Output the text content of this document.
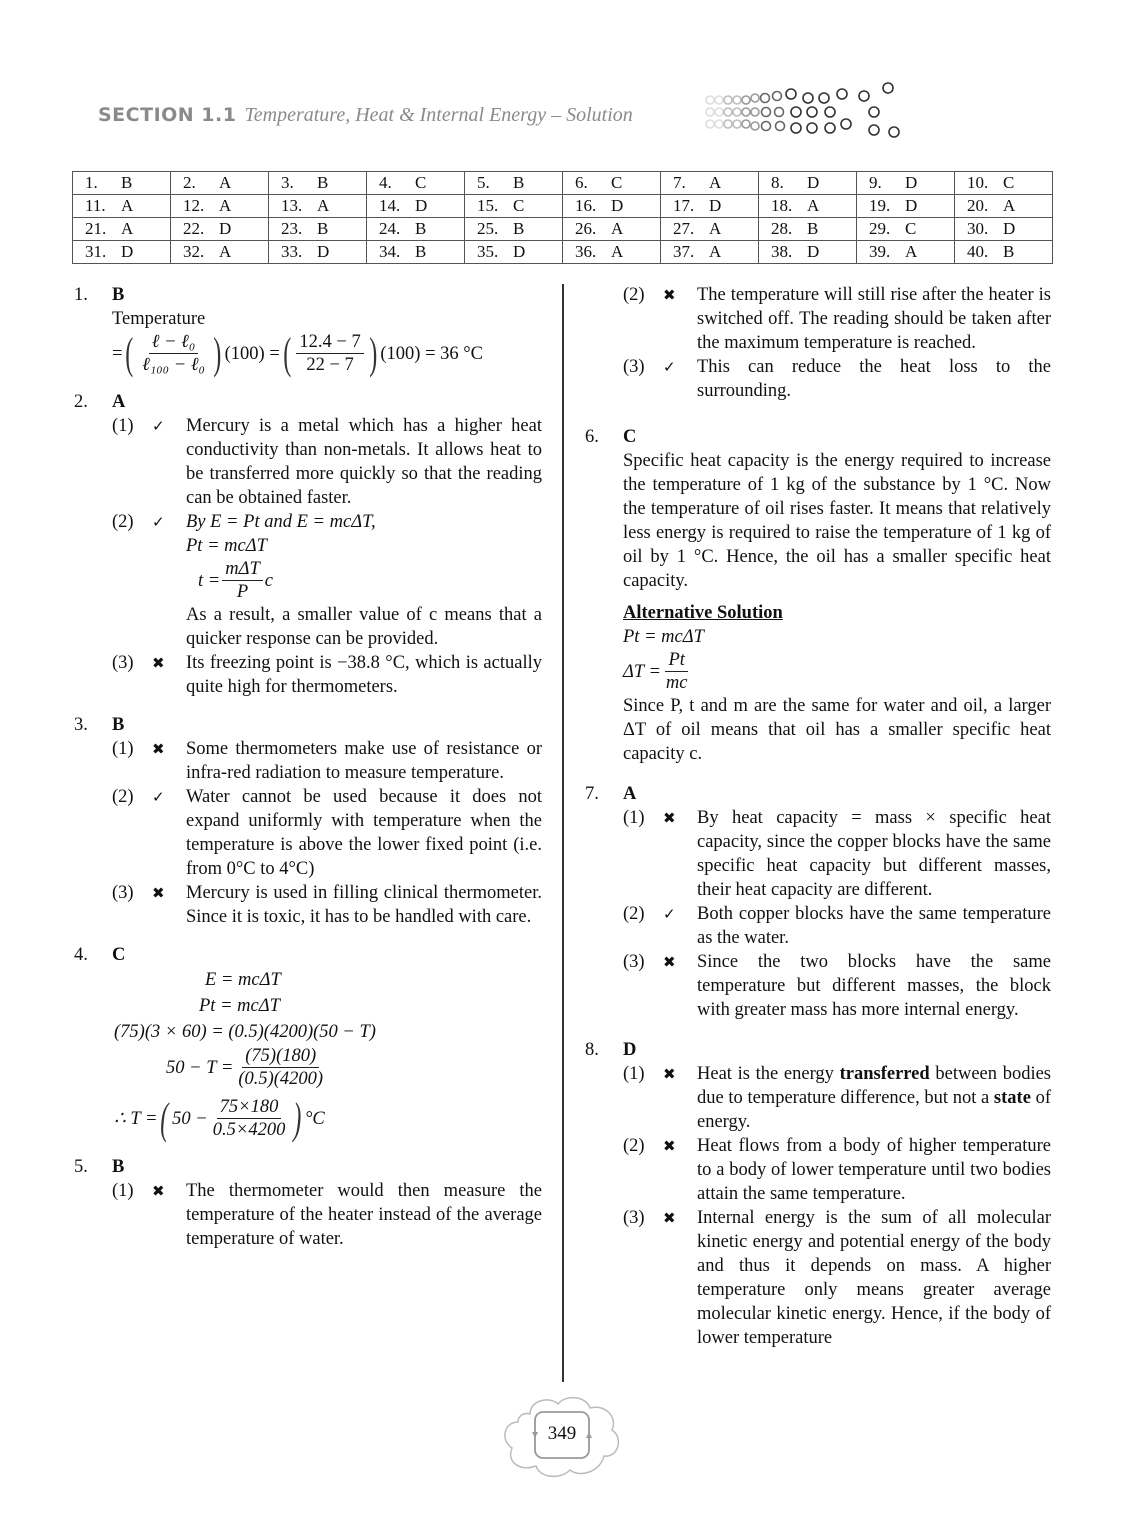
SECTION 1.1 Temperature, Heat & Internal Energy – Solution
1. B	2. A	3. B	4. C	5. B	6. C	7. A	8. D	9. D	10. C
11. A	12. A	13. A	14. D	15. C	16. D	17. D	18. A	19. D	20. A
21. A	22. D	23. B	24. B	25. B	26. A	27. A	28. B	29. C	30. D
31. D	32. A	33. D	34. B	35. D	36. A	37. A	38. D	39. A	40. B
1.	B
Temperature
= ( $\frac{\text{ℓ − ℓ₀}}{\text{ℓ₁₀₀ − ℓ₀}}$ ) (100) = ( $\frac{12.4 - 7}{22 - 7}$ ) (100) = 36 °C
2.	A
(1)	✓	Mercury is a metal which has a higher heat conductivity than non-metals. It allows heat to be transferred more quickly so that the reading can be obtained faster.
(2)	✓	By E = Pt and E = mcΔT,
Pt = mcΔT
$t = \frac{\text{mΔT}}{P}$ c
As a result, a smaller value of c means that a quicker response can be provided.
(3)	✖	Its freezing point is −38.8 °C, which is actually quite high for thermometers.
3.	B
(1)	✖	Some thermometers make use of resistance or infra-red radiation to measure temperature.
(2)	✓	Water cannot be used because it does not expand uniformly with temperature when the temperature is above the lower fixed point (i.e. from 0°C to 4°C)
(3)	✖	Mercury is used in filling clinical thermometer. Since it is toxic, it has to be handled with care.
4.	C
E = mcΔT
Pt = mcΔT
(75)(3 × 60) = (0.5)(4200)(50 − T)
$50 - T = \frac{(75)(180)}{(0.5)(4200)}$
∴ T = ( $50 - \frac{75\times 180}{0.5\times 4200}$ ) °C
5.	B
(1)	✖	The thermometer would then measure the temperature of the heater instead of the average temperature of water.
(2)	✖	The temperature will still rise after the heater is switched off. The reading should be taken after the maximum temperature is reached.
(3)	✓	This can reduce the heat loss to the surrounding.
6.	C
Specific heat capacity is the energy required to increase the temperature of 1 kg of the substance by 1 °C. Now the temperature of oil rises faster. It means that relatively less energy is required to raise the temperature of 1 kg of oil by 1 °C. Hence, the oil has a smaller specific heat capacity.
Alternative Solution
Pt = mcΔT
$\Delta T = \frac{Pt}{mc}$
Since P, t and m are the same for water and oil, a larger ΔT of oil means that oil has a smaller specific heat capacity c.
7.	A
(1)	✖	By heat capacity = mass × specific heat capacity, since the copper blocks have the same specific heat capacity but different masses, their heat capacity are different.
(2)	✓	Both copper blocks have the same temperature as the water.
(3)	✖	Since the two blocks have the same temperature but different masses, the block with greater mass has more internal energy.
8.	D
(1)	✖	Heat is the energy transferred between bodies due to temperature difference, but not a state of energy.
(2)	✖	Heat flows from a body of higher temperature to a body of lower temperature until two bodies attain the same temperature.
(3)	✖	Internal energy is the sum of all molecular kinetic energy and potential energy of the body and thus it depends on mass. A higher temperature only means greater average molecular kinetic energy. Hence, if the body of lower temperature
349
